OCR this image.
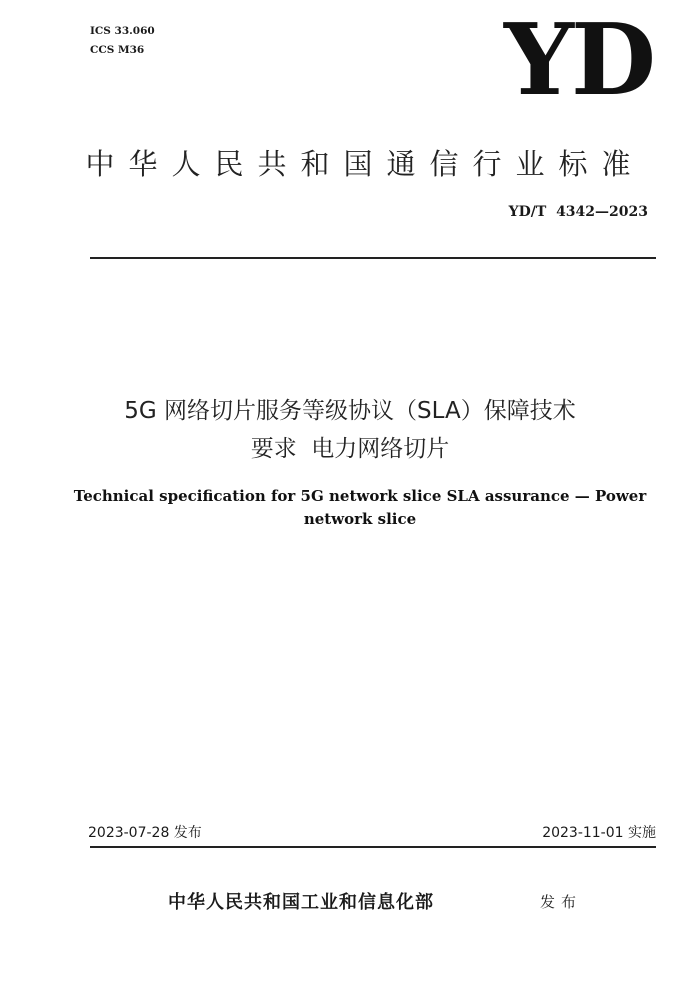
ICS 33.060
CCS M36	YD
中华人民共和国通信行业标准
YD/T  4342—2023
5G 网络切片服务等级协议（SLA）保障技术
要求  电力网络切片
Technical specification for 5G network slice SLA assurance — Power
network slice
2023-07-28 发布	2023-11-01 实施
中华人民共和国工业和信息化部	发布
